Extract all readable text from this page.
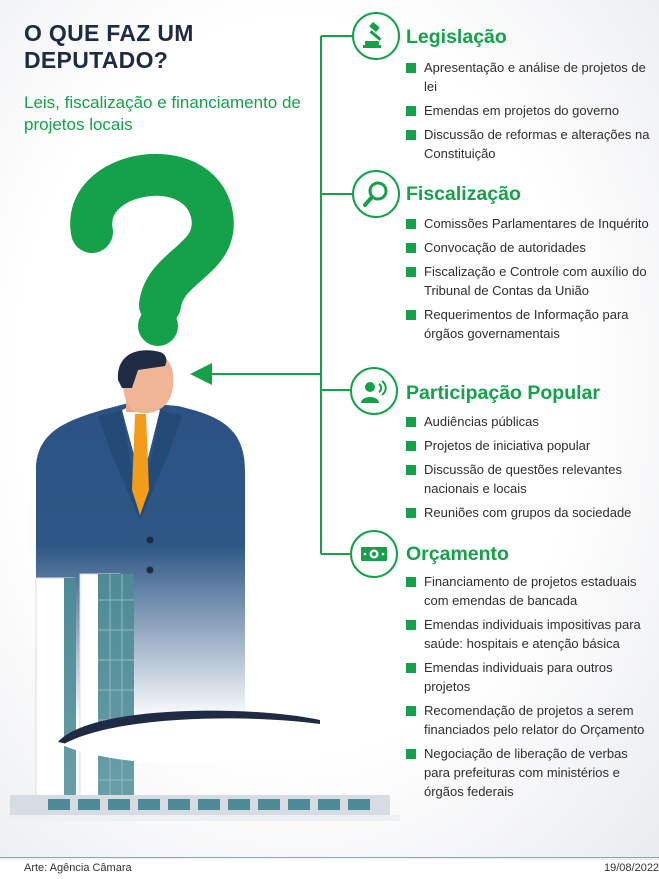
O QUE FAZ UM DEPUTADO?
Leis, fiscalização e financiamento de projetos locais
Legislação
Apresentação e análise de projetos de lei
Emendas em projetos do governo
Discussão de reformas e alterações na Constituição
Fiscalização
Comissões Parlamentares de Inquérito
Convocação de autoridades
Fiscalização e Controle com auxílio do Tribunal de Contas da União
Requerimentos de Informação para órgãos governamentais
Participação Popular
Audiências públicas
Projetos de iniciativa popular
Discussão de questões relevantes nacionais e locais
Reuniões com grupos da sociedade
Orçamento
Financiamento de projetos estaduais com emendas de bancada
Emendas individuais impositivas para saúde: hospitais e atenção básica
Emendas individuais para outros projetos
Recomendação de projetos a serem financiados pelo relator do Orçamento
Negociação de liberação de verbas para prefeituras com ministérios e órgãos federais
Arte: Agência Câmara	19/08/2022
